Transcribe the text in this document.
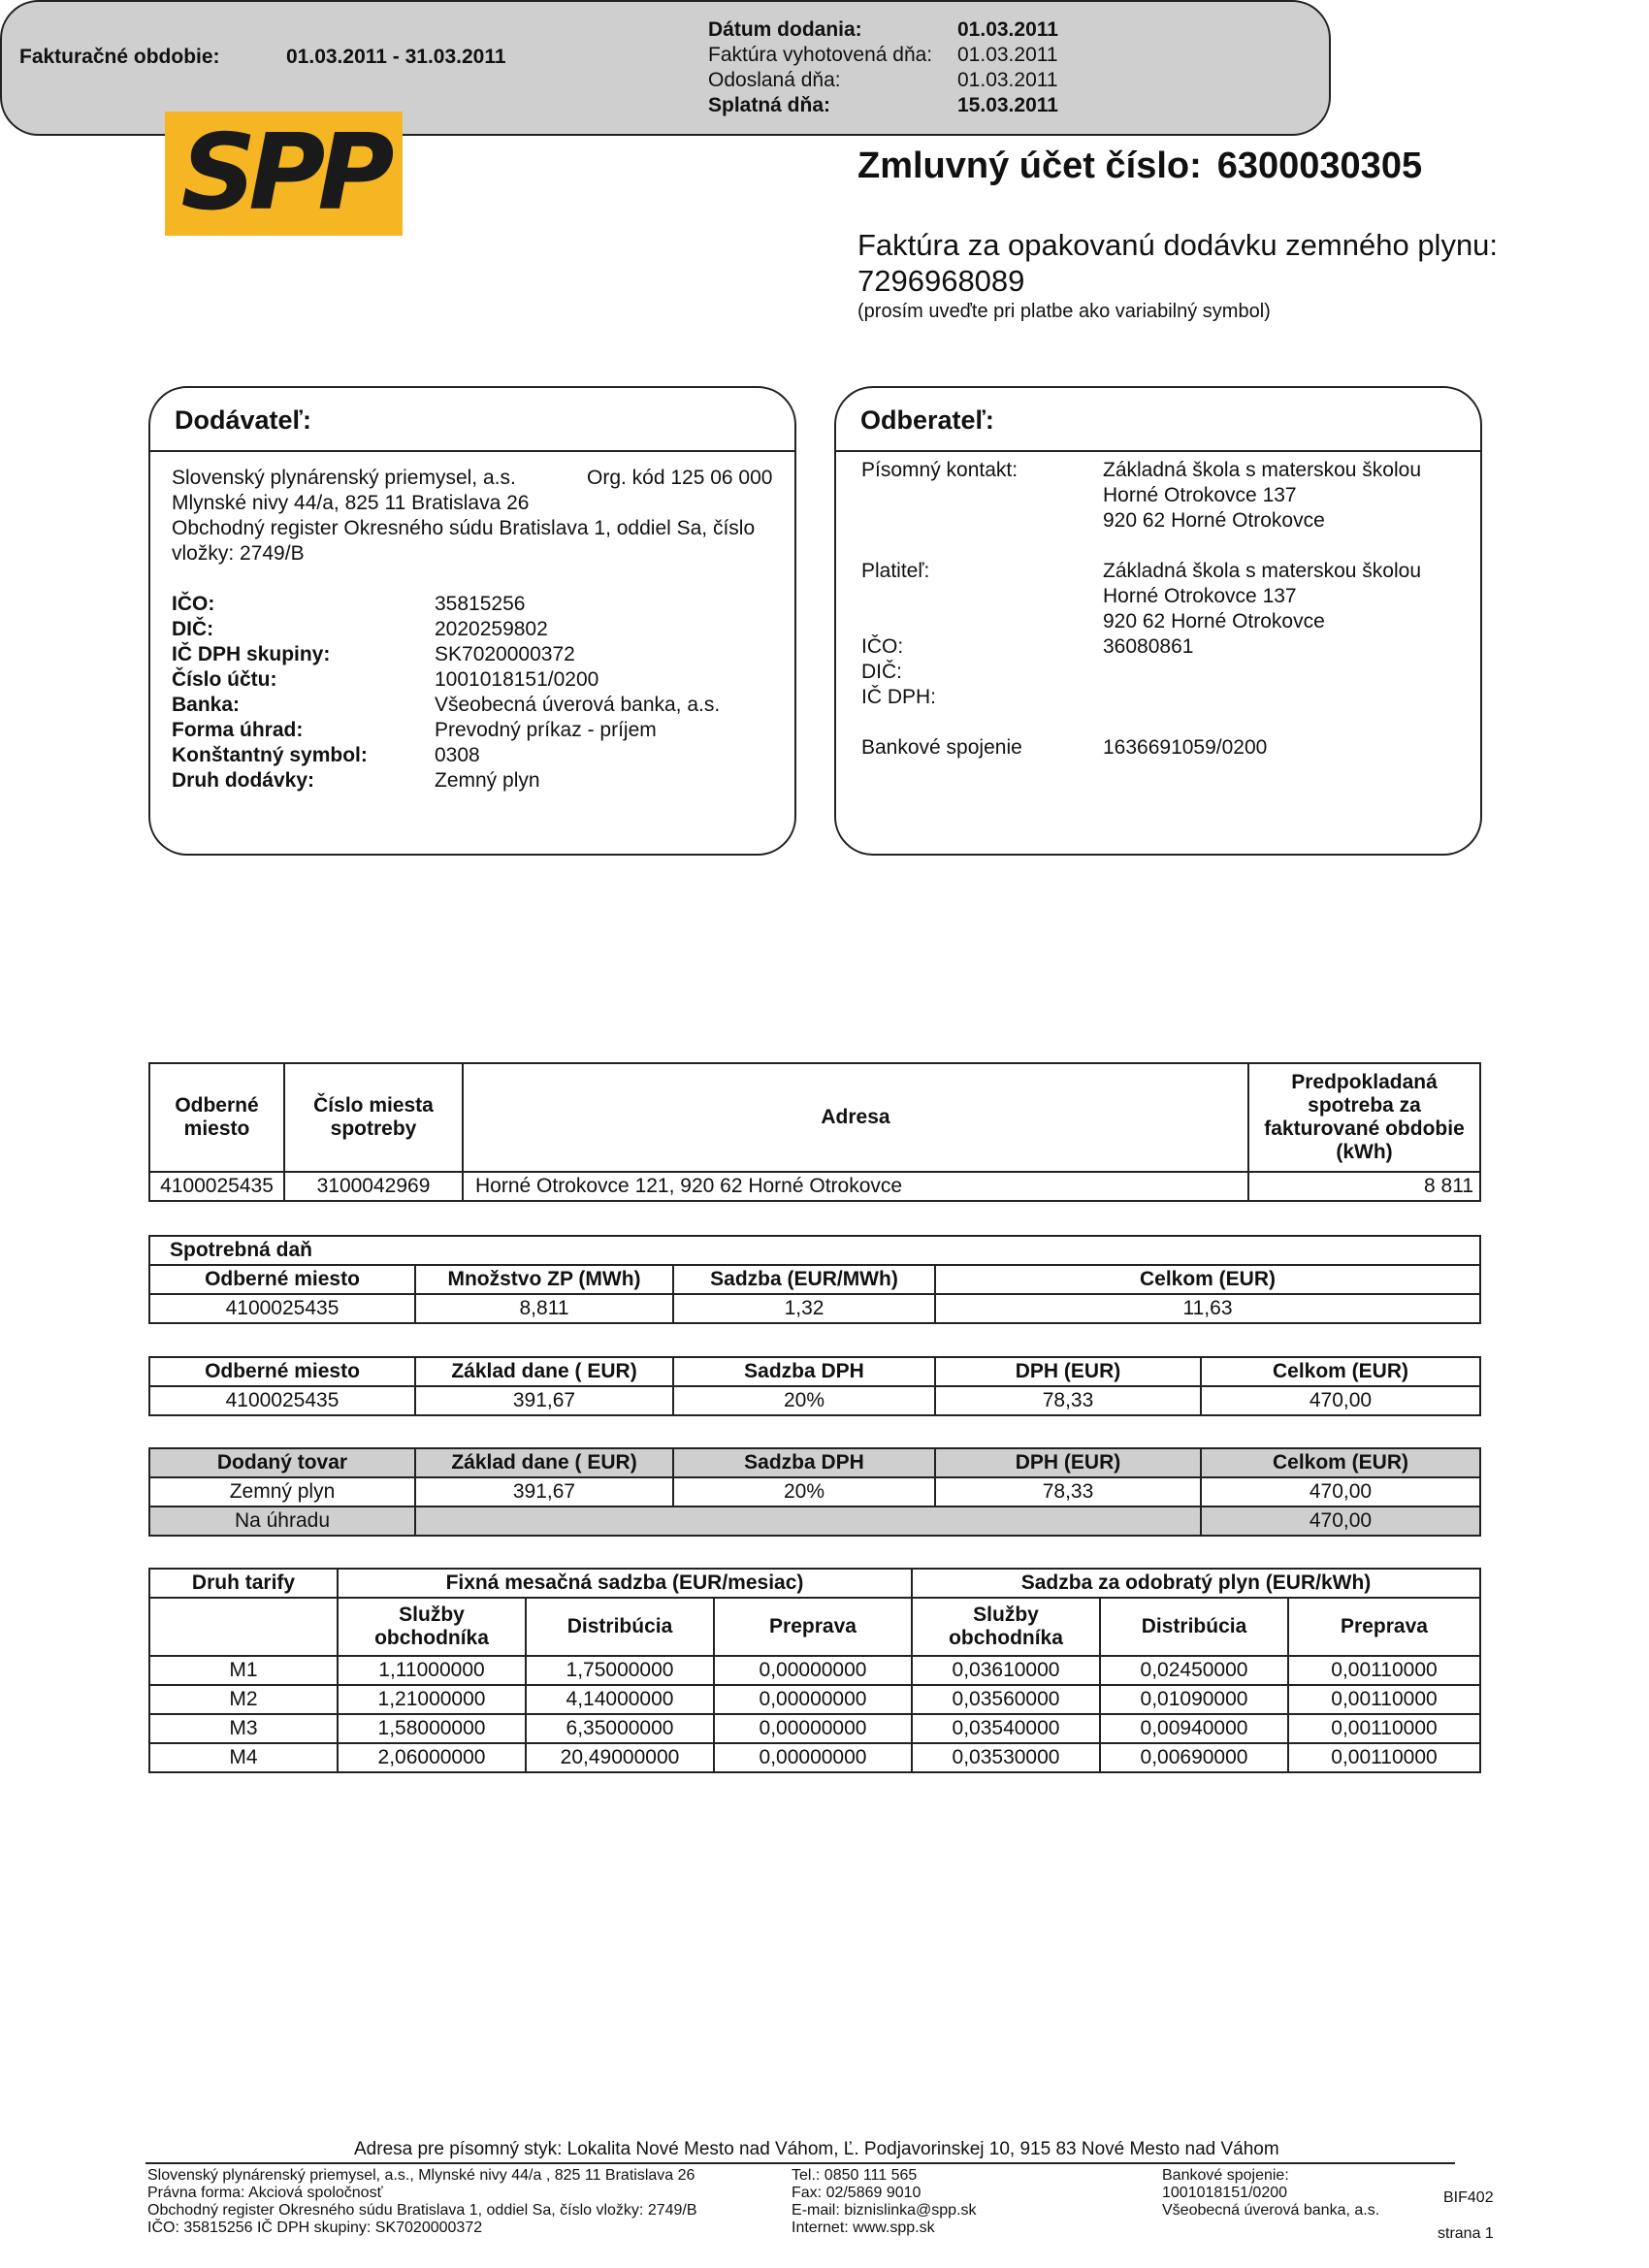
SPP	Zmluvný účet číslo: 6300030305
Faktúra za opakovanú dodávku zemného plynu:
7296968089
(prosím uveďte pri platbe ako variabilný symbol)
Dodávateľ:
Slovenský plynárenský priemysel, a.s.	Org. kód 125 06 000
Mlynské nivy 44/a, 825 11 Bratislava 26
Obchodný register Okresného súdu Bratislava 1, oddiel Sa, číslo
vložky: 2749/B
IČO:	35815256
DIČ:	2020259802
IČ DPH skupiny:	SK7020000372
Číslo účtu:	1001018151/0200
Banka:	Všeobecná úverová banka, a.s.
Forma úhrad:	Prevodný príkaz - príjem
Konštantný symbol:	0308
Druh dodávky:	Zemný plyn
Odberateľ:
Písomný kontakt:	Základná škola s materskou školou
Horné Otrokovce 137
920 62 Horné Otrokovce
Platiteľ:	Základná škola s materskou školou
Horné Otrokovce 137
920 62 Horné Otrokovce
IČO:	36080861
DIČ:
IČ DPH:
Bankové spojenie	1636691059/0200
Fakturačné obdobie:	01.03.2011 - 31.03.2011
Dátum dodania:	01.03.2011
Faktúra vyhotovená dňa: 01.03.2011
Odoslaná dňa:	01.03.2011
Splatná dňa:	15.03.2011
Odberné miesto	Číslo miesta spotreby	Adresa	Predpokladaná spotreba za fakturované obdobie (kWh)
4100025435	3100042969	Horné Otrokovce 121, 920 62 Horné Otrokovce	8 811
Spotrebná daň			
Odberné miesto	Množstvo ZP (MWh)	Sadzba (EUR/MWh)	Celkom (EUR)
4100025435	8,811	1,32	11,63
Odberné miesto	Základ dane ( EUR)	Sadzba DPH	DPH (EUR)	Celkom (EUR)
4100025435	391,67	20%	78,33	470,00
Dodaný tovar	Základ dane ( EUR)	Sadzba DPH	DPH (EUR)	Celkom (EUR)
Zemný plyn	391,67	20%	78,33	470,00
Na úhradu				470,00
Druh tarify	Fixná mesačná sadzba (EUR/mesiac)			Sadzba za odobratý plyn (EUR/kWh)		
	Služby obchodníka	Distribúcia	Preprava	Služby obchodníka	Distribúcia	Preprava
M1	1,11000000	1,75000000	0,00000000	0,03610000	0,02450000	0,00110000
M2	1,21000000	4,14000000	0,00000000	0,03560000	0,01090000	0,00110000
M3	1,58000000	6,35000000	0,00000000	0,03540000	0,00940000	0,00110000
M4	2,06000000	20,49000000	0,00000000	0,03530000	0,00690000	0,00110000
Adresa pre písomný styk: Lokalita Nové Mesto nad Váhom, Ľ. Podjavorinskej 10, 915 83 Nové Mesto nad Váhom
Slovenský plynárenský priemysel, a.s., Mlynské nivy 44/a , 825 11 Bratislava 26
Právna forma: Akciová spoločnosť
Obchodný register Okresného súdu Bratislava 1, oddiel Sa, číslo vložky: 2749/B
IČO: 35815256 IČ DPH skupiny: SK7020000372
Tel.: 0850 111 565
Fax: 02/5869 9010
E-mail: biznislinka@spp.sk
Internet: www.spp.sk
Bankové spojenie:
1001018151/0200
Všeobecná úverová banka, a.s.
BIF402
strana 1
